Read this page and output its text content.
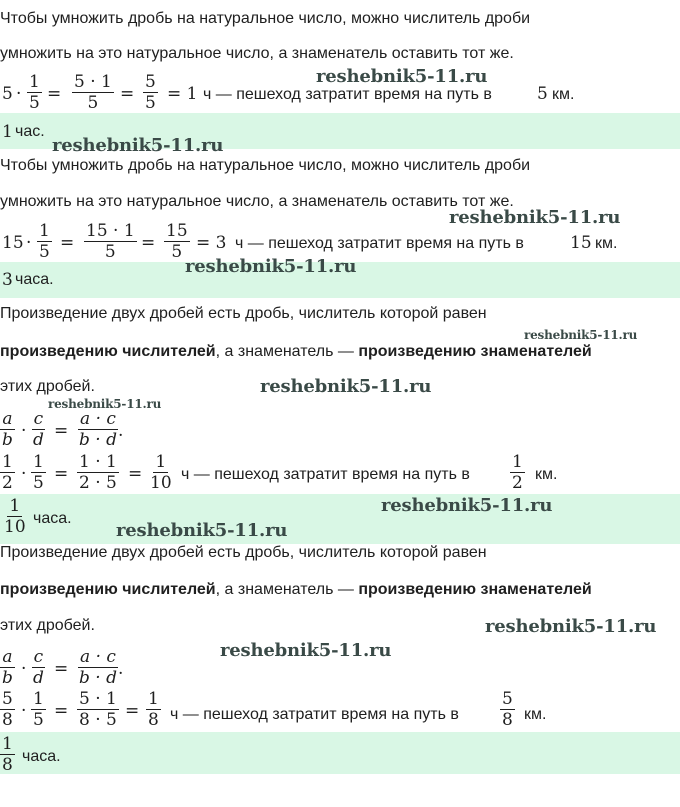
Чтобы умножить дробь на натуральное число, можно числитель дроби
умножить на это натуральное число, а знаменатель оставить тот же.
$5 \cdot \frac{1}{5} = \frac{5 \cdot 1}{5} = \frac{5}{5} = 1$ ч — пешеход затратит время на путь в	5 км.
1 час.
Чтобы умножить дробь на натуральное число, можно числитель дроби
умножить на это натуральное число, а знаменатель оставить тот же.
$15 \cdot \frac{1}{5} = \frac{15 \cdot 1}{5} = \frac{15}{5} = 3$ ч — пешеход затратит время на путь в	15 км.
3 часа.
Произведение двух дробей есть дробь, числитель которой равен
произведению числителей, а знаменатель — произведению знаменателей
этих дробей.
$\frac{a}{b} \cdot \frac{c}{d} = \frac{a \cdot c}{b \cdot d}$ .
$\frac{1}{2} \cdot \frac{1}{5} = \frac{1 \cdot 1}{2 \cdot 5} = \frac{1}{10}$ ч — пешеход затратит время на путь в $\frac{1}{2}$ км.
$\frac{1}{10}$ часа.
Произведение двух дробей есть дробь, числитель которой равен
произведению числителей, а знаменатель — произведению знаменателей
этих дробей.
$\frac{a}{b} \cdot \frac{c}{d} = \frac{a \cdot c}{b \cdot d}$ .
$\frac{5}{8} \cdot \frac{1}{5} = \frac{5 \cdot 1}{8 \cdot 5} = \frac{1}{8}$ ч — пешеход затратит время на путь в $\frac{5}{8}$ км.
$\frac{1}{8}$ часа.
reshebnik5-11.ru
reshebnik5-11.ru
reshebnik5-11.ru
reshebnik5-11.ru
reshebnik5-11.ru
reshebnik5-11.ru
reshebnik5-11.ru
reshebnik5-11.ru
reshebnik5-11.ru
reshebnik5-11.ru
reshebnik5-11.ru
